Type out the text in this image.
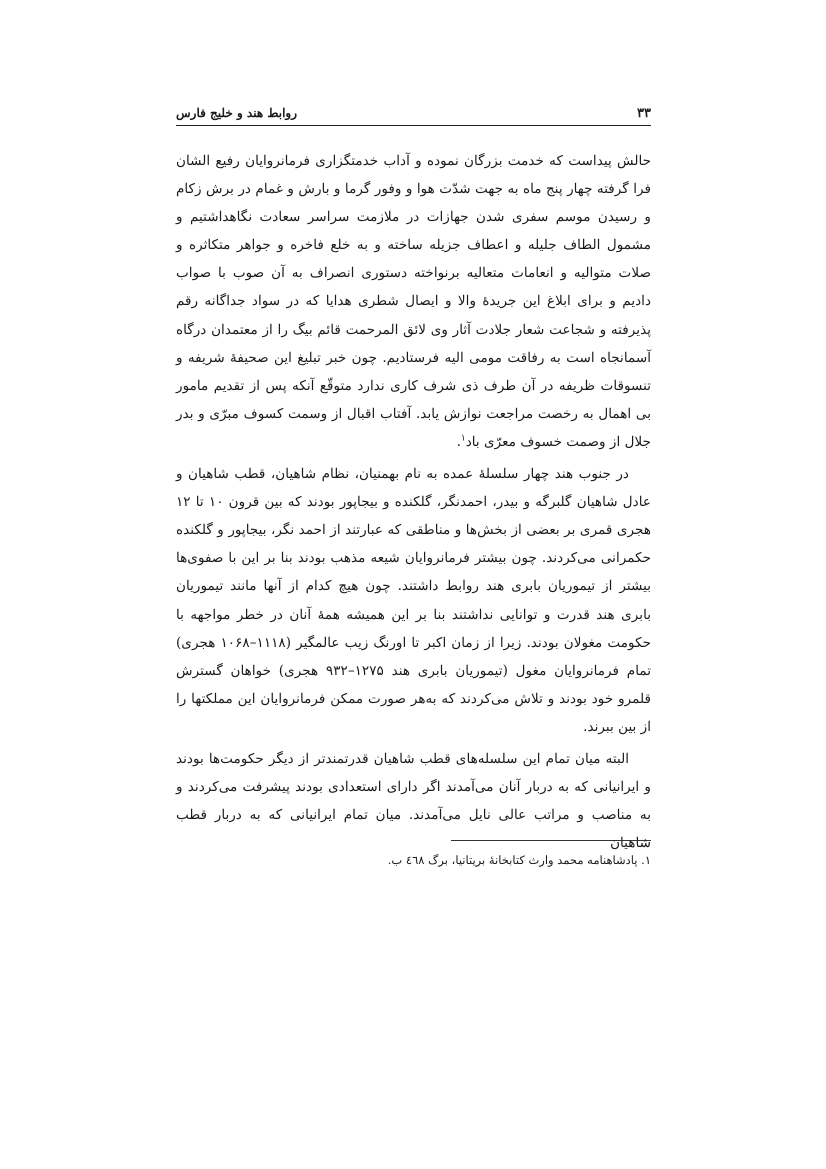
۳۳
روابط هند و خلیج فارس

حالش پیداست که خدمت بزرگان نموده و آداب خدمتگزاری فرمانروایان رفیع الشان فرا گرفته چهار پنج ماه به جهت شدّت هوا و وفور گرما و بارش و غمام در برش زکام و رسیدن موسم سفری شدن جهازات در ملازمت سراسر سعادت نگاهداشتیم و مشمول الطاف جلیله و اعطاف جزیله ساخته و به خلع فاخره و جواهر متکاثره و صلات متوالیه و انعامات متعالیه برنواخته دستوری انصراف به آن صوب با صواب دادیم و برای ابلاغ این جریدهٔ والا و ایصال شطری هدایا که در سواد جداگانه رقم پذیرفته و شجاعت شعار جلادت آثار وی لائق المرحمت قائم بیگ را از معتمدان درگاه آسمانجاه است به رفاقت مومی الیه فرستادیم. چون خبر تبلیغ این صحیفهٔ شریفه و تنسوقات ظریفه در آن طرف ذی شرف کاری ندارد متوقّع آنکه پس از تقدیم مامور بی اهمال به رخصت مراجعت نوازش یابد. آفتاب اقبال از وسمت کسوف مبرّی و بدر جلال از وصمت خسوف معرّی باد$^۱$.

در جنوب هند چهار سلسلهٔ عمده به نام بهمنیان، نظام شاهیان، قطب شاهیان و عادل شاهیان گلبرگه و بیدر، احمدنگر، گلکنده و بیجاپور بودند که بین قرون ۱۰ تا ۱۲ هجری قمری بر بعضی از بخش‌ها و مناطقی که عبارتند از احمد نگر، بیجاپور و گلکنده حکمرانی می‌کردند. چون بیشتر فرمانروایان شیعه مذهب بودند بنا بر این با صفوی‌ها بیشتر از تیموریان بابری هند روابط داشتند. چون هیچ کدام از آنها مانند تیموریان بابری هند قدرت و توانایی نداشتند بنا بر این همیشه همهٔ آنان در خطر مواجهه با حکومت مغولان بودند. زیرا از زمان اکبر تا اورنگ زیب عالمگیر (۱۱۱۸–۱۰۶۸ هجری) تمام فرمانروایان مغول (تیموریان بابری هند ۱۲۷۵–۹۳۲ هجری) خواهان گسترش قلمرو خود بودند و تلاش می‌کردند که به‌هر صورت ممکن فرمانروایان این مملکتها را از بین ببرند.

البته میان تمام این سلسله‌های قطب شاهیان قدرتمندتر از دیگر حکومت‌ها بودند و ایرانیانی که به دربار آنان می‌آمدند اگر دارای استعدادی بودند پیشرفت می‌کردند و به مناصب و مراتب عالی نایل می‌آمدند. میان تمام ایرانیانی که به دربار قطب شاهیان

۱. پادشاهنامه محمد وارث کتابخانهٔ بریتانیا، برگ ٤٦٨ ب.
